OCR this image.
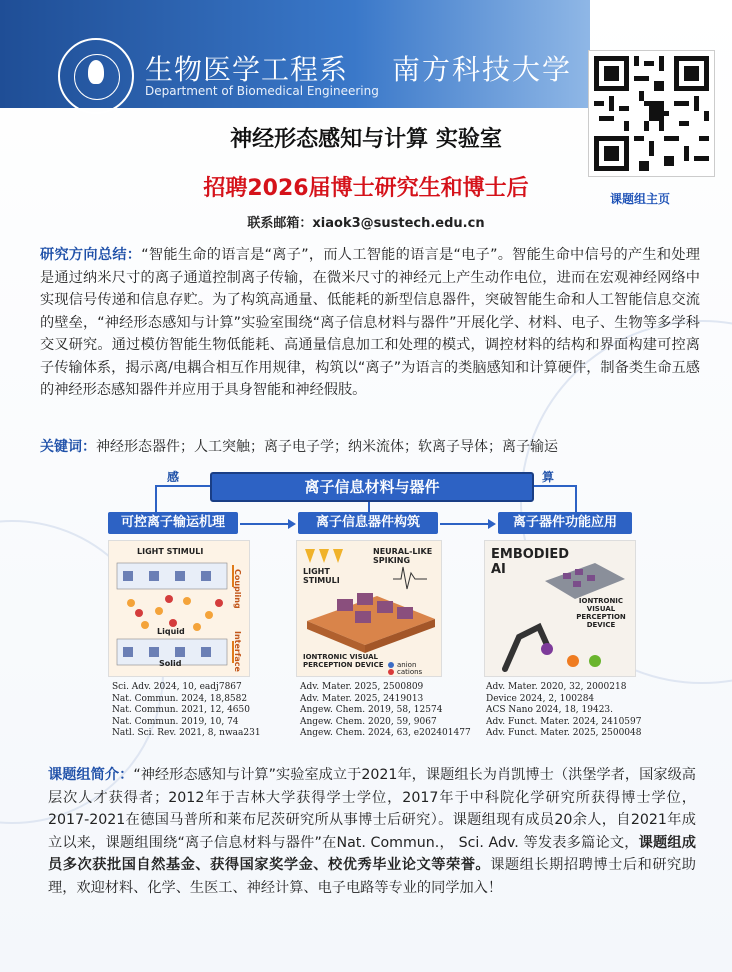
生物医学工程系
Department of Biomedical Engineering
南方科技大学
课题组主页
神经形态感知与计算 实验室
招聘2026届博士研究生和博士后
联系邮箱：xiaok3@sustech.edu.cn
研究方向总结：“智能生命的语言是“离子”，而人工智能的语言是“电子”。智能生命中信号的产生和处理是通过纳米尺寸的离子通道控制离子传输，在微米尺寸的神经元上产生动作电位，进而在宏观神经网络中实现信号传递和信息存贮。为了构筑高通量、低能耗的新型信息器件，突破智能生命和人工智能信息交流的壁垒，“神经形态感知与计算”实验室围绕“离子信息材料与器件”开展化学、材料、电子、生物等多学科交叉研究。通过模仿智能生物低能耗、高通量信息加工和处理的模式，调控材料的结构和界面构建可控离子传输体系，揭示离/电耦合相互作用规律，构筑以“离子”为语言的类脑感知和计算硬件，制备类生命五感的神经形态感知器件并应用于具身智能和神经假肢。
关键词：神经形态器件；人工突触；离子电子学；纳米流体；软离子导体；离子输运
感	算
离子信息材料与器件
可控离子输运机理	离子信息器件构筑	离子器件功能应用
LIGHT STIMULI
Coupling
Liquid	Interface
Solid
LIGHT STIMULI
NEURAL-LIKE SPIKING
IONTRONIC VISUAL PERCEPTION DEVICE anion
cations
EMBODIED AI
IONTRONIC VISUAL PERCEPTION DEVICE
Sci. Adv. 2024, 10, eadj7867
Nat. Commun. 2024, 18,8582
Nat. Commun. 2021, 12, 4650
Nat. Commun. 2019, 10, 74
Natl. Sci. Rev. 2021, 8, nwaa231
Adv. Mater. 2025, 2500809
Adv. Mater. 2025, 2419013
Angew. Chem. 2019, 58, 12574
Angew. Chem. 2020, 59, 9067
Angew. Chem. 2024, 63, e202401477
Adv. Mater. 2020, 32, 2000218
Device 2024, 2, 100284
ACS Nano 2024, 18, 19423.
Adv. Funct. Mater. 2024, 2410597
Adv. Funct. Mater. 2025, 2500048
课题组简介：“神经形态感知与计算”实验室成立于2021年，课题组长为肖凯博士（洪堡学者，国家级高层次人才获得者；2012年于吉林大学获得学士学位，2017年于中科院化学研究所获得博士学位，2017-2021在德国马普所和莱布尼茨研究所从事博士后研究）。课题组现有成员20余人，自2021年成立以来，课题组围绕“离子信息材料与器件”在Nat. Commun.， Sci. Adv. 等发表多篇论文，课题组成员多次获批国自然基金、获得国家奖学金、校优秀毕业论文等荣誉。课题组长期招聘博士后和研究助理，欢迎材料、化学、生医工、神经计算、电子电路等专业的同学加入！
